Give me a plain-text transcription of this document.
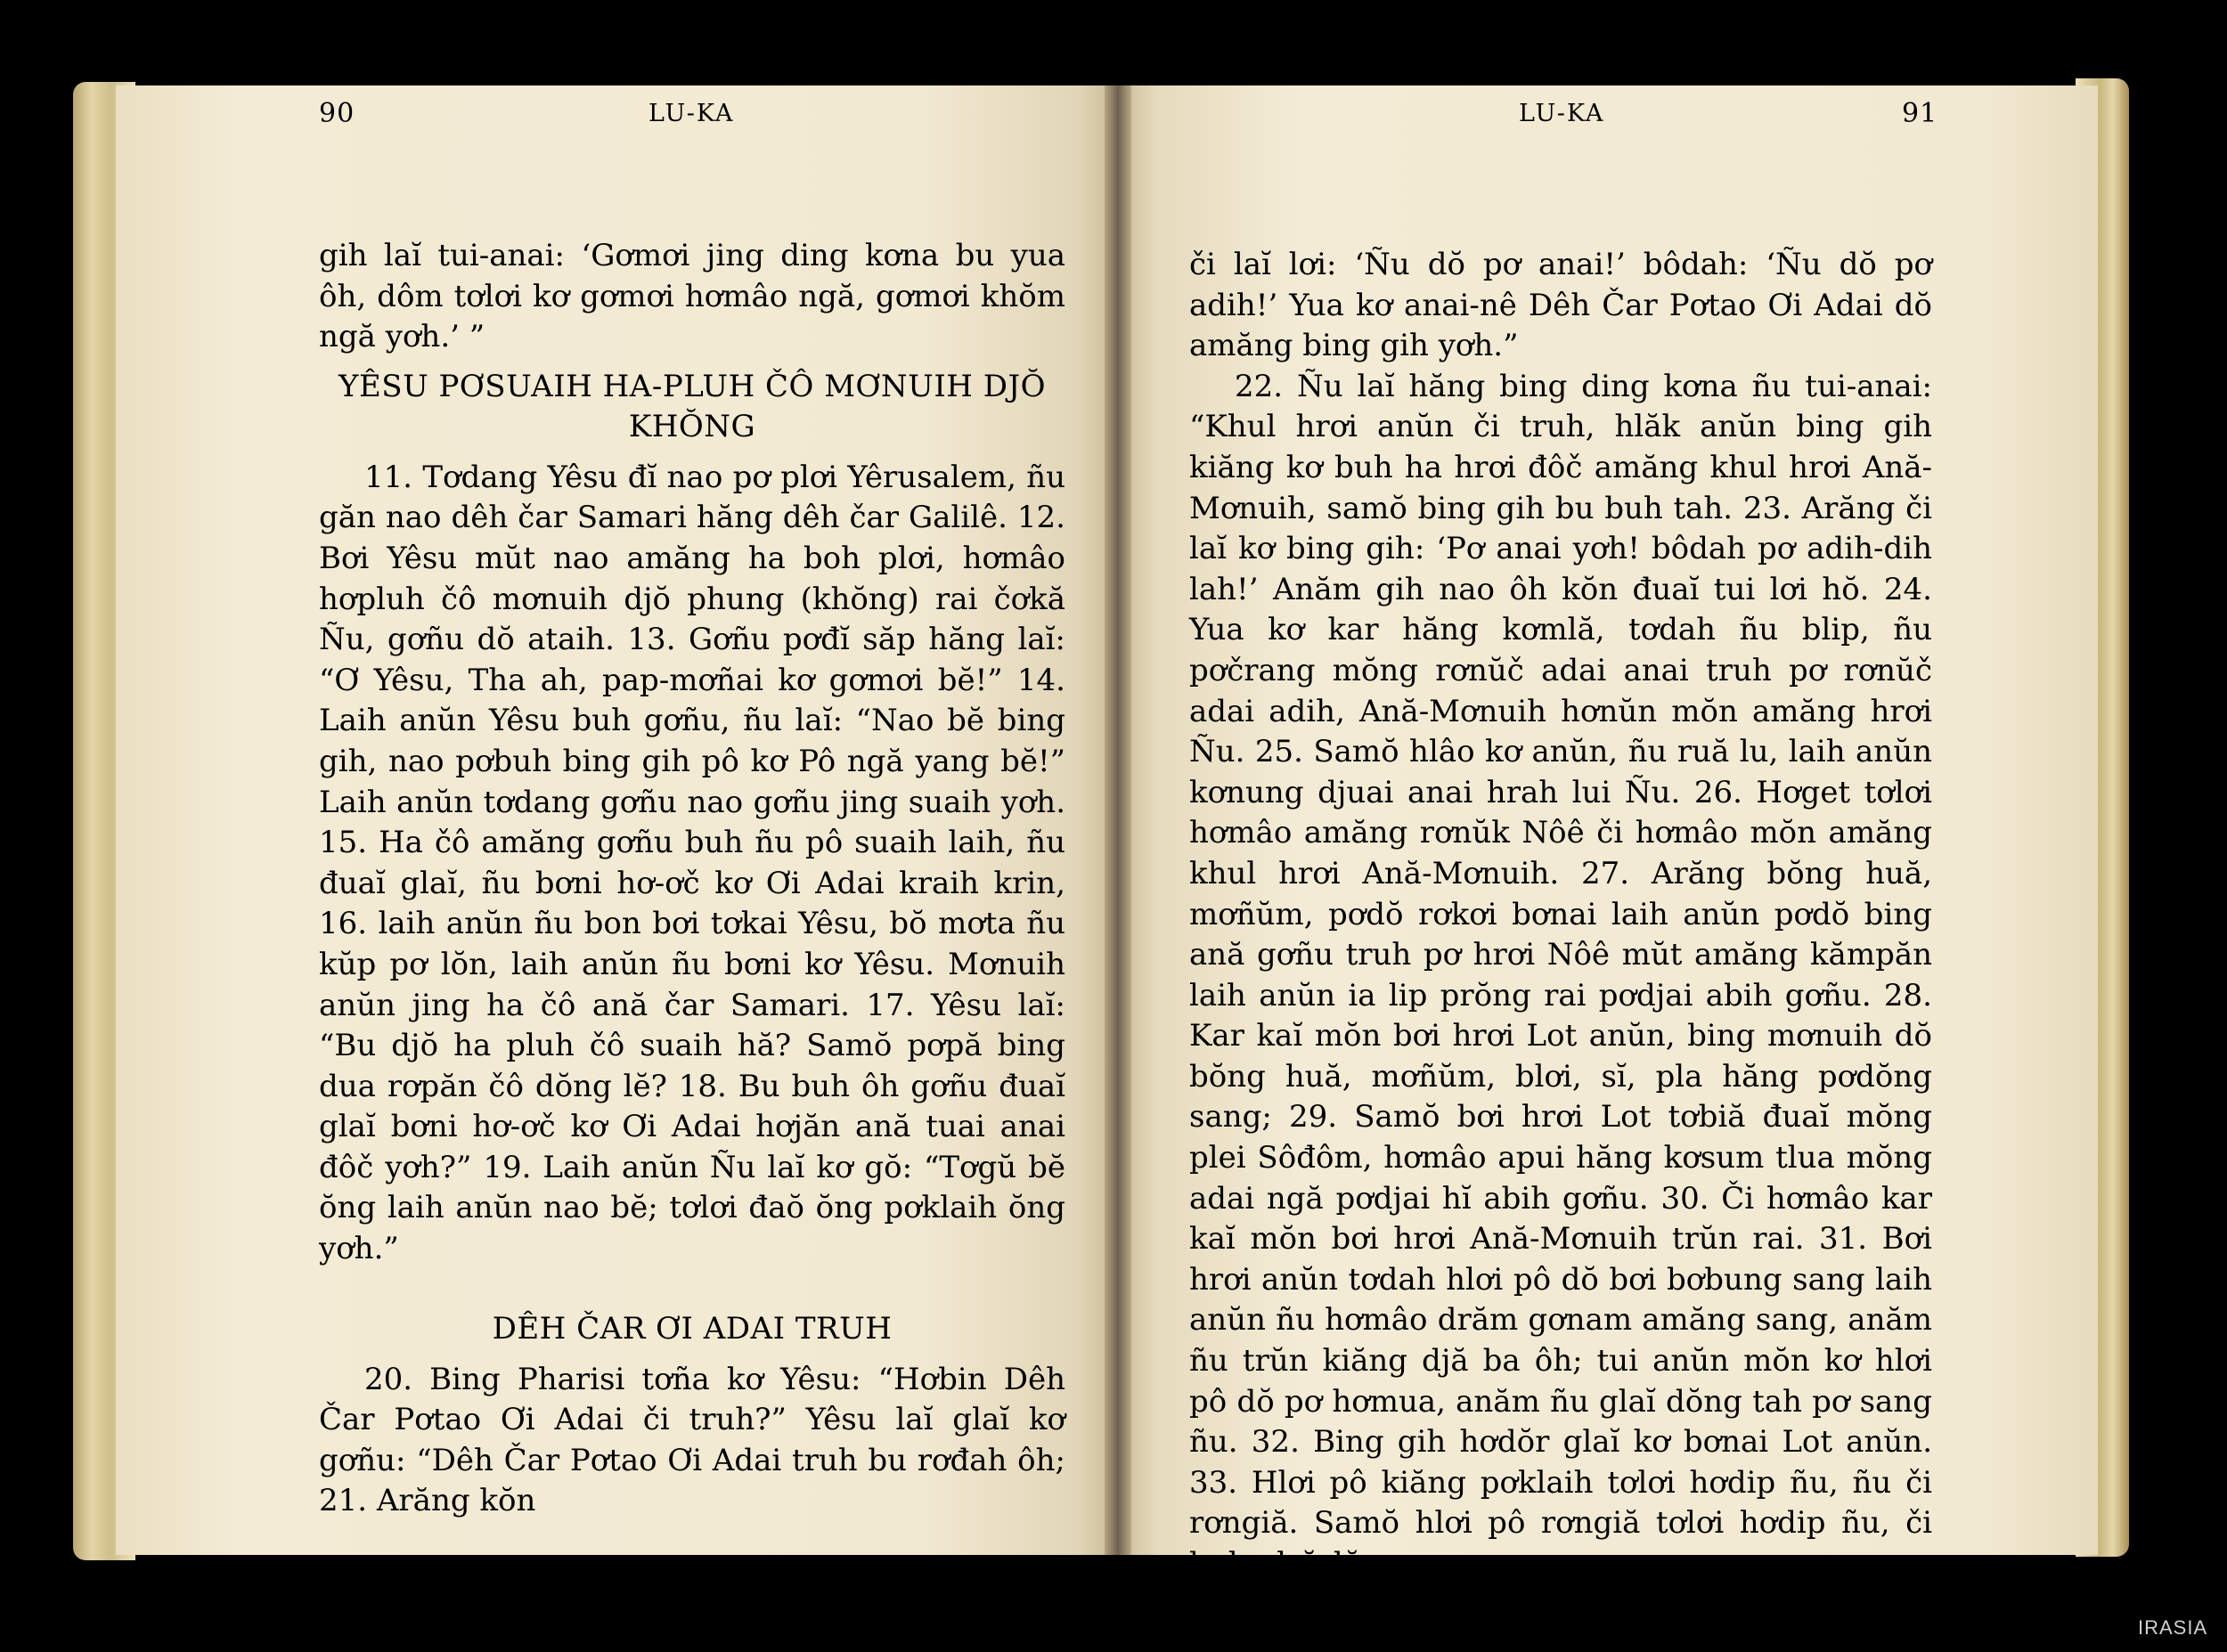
90	LU-KA

gih laĭ tui-anai: ‘Gơmơi jing ding kơna bu yua ôh, dôm tơlơi kơ gơmơi hơmâo ngă, gơmơi khŏm ngă yơh.’ ”

YÊSU PƠSUAIH HA-PLUH ČÔ MƠNUIH DJŎ KHŎNG

11. Tơdang Yêsu đĭ nao pơ plơi Yêrusalem, ñu găn nao dêh čar Samari hăng dêh čar Galilê. 12. Bơi Yêsu mŭt nao amăng ha boh plơi, hơmâo hơpluh čô mơnuih djŏ phung (khŏng) rai čơkă Ñu, gơñu dŏ ataih. 13. Gơñu pơđĭ săp hăng laĭ: “Ơ Yêsu, Tha ah, pap-mơñai kơ gơmơi bĕ!” 14. Laih anŭn Yêsu buh gơñu, ñu laĭ: “Nao bĕ bing gih, nao pơbuh bing gih pô kơ Pô ngă yang bĕ!” Laih anŭn tơdang gơñu nao gơñu jing suaih yơh. 15. Ha čô amăng gơñu buh ñu pô suaih laih, ñu đuaĭ glaĭ, ñu bơni hơ-ơč kơ Ơi Adai kraih krin, 16. laih anŭn ñu bon bơi tơkai Yêsu, bŏ mơta ñu kŭp pơ lŏn, laih anŭn ñu bơni kơ Yêsu. Mơnuih anŭn jing ha čô ană čar Samari. 17. Yêsu laĭ: “Bu djŏ ha pluh čô suaih hă? Samŏ pơpă bing dua rơpăn čô dŏng lĕ? 18. Bu buh ôh gơñu đuaĭ glaĭ bơni hơ-ơč kơ Ơi Adai hơjăn ană tuai anai đôč yơh?” 19. Laih anŭn Ñu laĭ kơ gŏ: “Tơgŭ bĕ ŏng laih anŭn nao bĕ; tơlơi đaŏ ŏng pơklaih ŏng yơh.”

DÊH ČAR ƠI ADAI TRUH

20. Bing Pharisi tơña kơ Yêsu: “Hơbin Dêh Čar Pơtao Ơi Adai či truh?” Yêsu laĭ glaĭ kơ gơñu: “Dêh Čar Pơtao Ơi Adai truh bu rơđah ôh; 21. Arăng kŏn

LU-KA	91

či laĭ lơi: ‘Ñu dŏ pơ anai!’ bôdah: ‘Ñu dŏ pơ adih!’ Yua kơ anai-nê Dêh Čar Pơtao Ơi Adai dŏ amăng bing gih yơh.”

22. Ñu laĭ hăng bing ding kơna ñu tui-anai: “Khul hrơi anŭn či truh, hlăk anŭn bing gih kiăng kơ buh ha hrơi đôč amăng khul hrơi Ană-Mơnuih, samŏ bing gih bu buh tah. 23. Arăng či laĭ kơ bing gih: ‘Pơ anai yơh! bôdah pơ adih-dih lah!’ Anăm gih nao ôh kŏn đuaĭ tui lơi hŏ. 24. Yua kơ kar hăng kơmlă, tơdah ñu blip, ñu pơčrang mŏng rơnŭč adai anai truh pơ rơnŭč adai adih, Ană-Mơnuih hơnŭn mŏn amăng hrơi Ñu. 25. Samŏ hlâo kơ anŭn, ñu ruă lu, laih anŭn kơnung djuai anai hrah lui Ñu. 26. Hơget tơlơi hơmâo amăng rơnŭk Nôê či hơmâo mŏn amăng khul hrơi Ană-Mơnuih. 27. Arăng bŏng huă, mơñŭm, pơdŏ rơkơi bơnai laih anŭn pơdŏ bing ană gơñu truh pơ hrơi Nôê mŭt amăng kămpăn laih anŭn ia lip prŏng rai pơdjai abih gơñu. 28. Kar kaĭ mŏn bơi hrơi Lot anŭn, bing mơnuih dŏ bŏng huă, mơñŭm, blơi, sĭ, pla hăng pơdŏng sang; 29. Samŏ bơi hrơi Lot tơbiă đuaĭ mŏng plei Sôđôm, hơmâo apui hăng kơsum tlua mŏng adai ngă pơdjai hĭ abih gơñu. 30. Či hơmâo kar kaĭ mŏn bơi hrơi Ană-Mơnuih trŭn rai. 31. Bơi hrơi anŭn tơdah hlơi pô dŏ bơi bơbung sang laih anŭn ñu hơmâo drăm gơnam amăng sang, anăm ñu trŭn kiăng djă ba ôh; tui anŭn mŏn kơ hlơi pô dŏ pơ hơmua, anăm ñu glaĭ dŏng tah pơ sang ñu. 32. Bing gih hơdŏr glaĭ kơ bơnai Lot anŭn. 33. Hlơi pô kiăng pơklaih tơlơi hơdip ñu, ñu či rơngiă. Samŏ hlơi pô rơngiă tơlơi hơdip ñu, či buh glaĭ dŏng.

IRASIA
